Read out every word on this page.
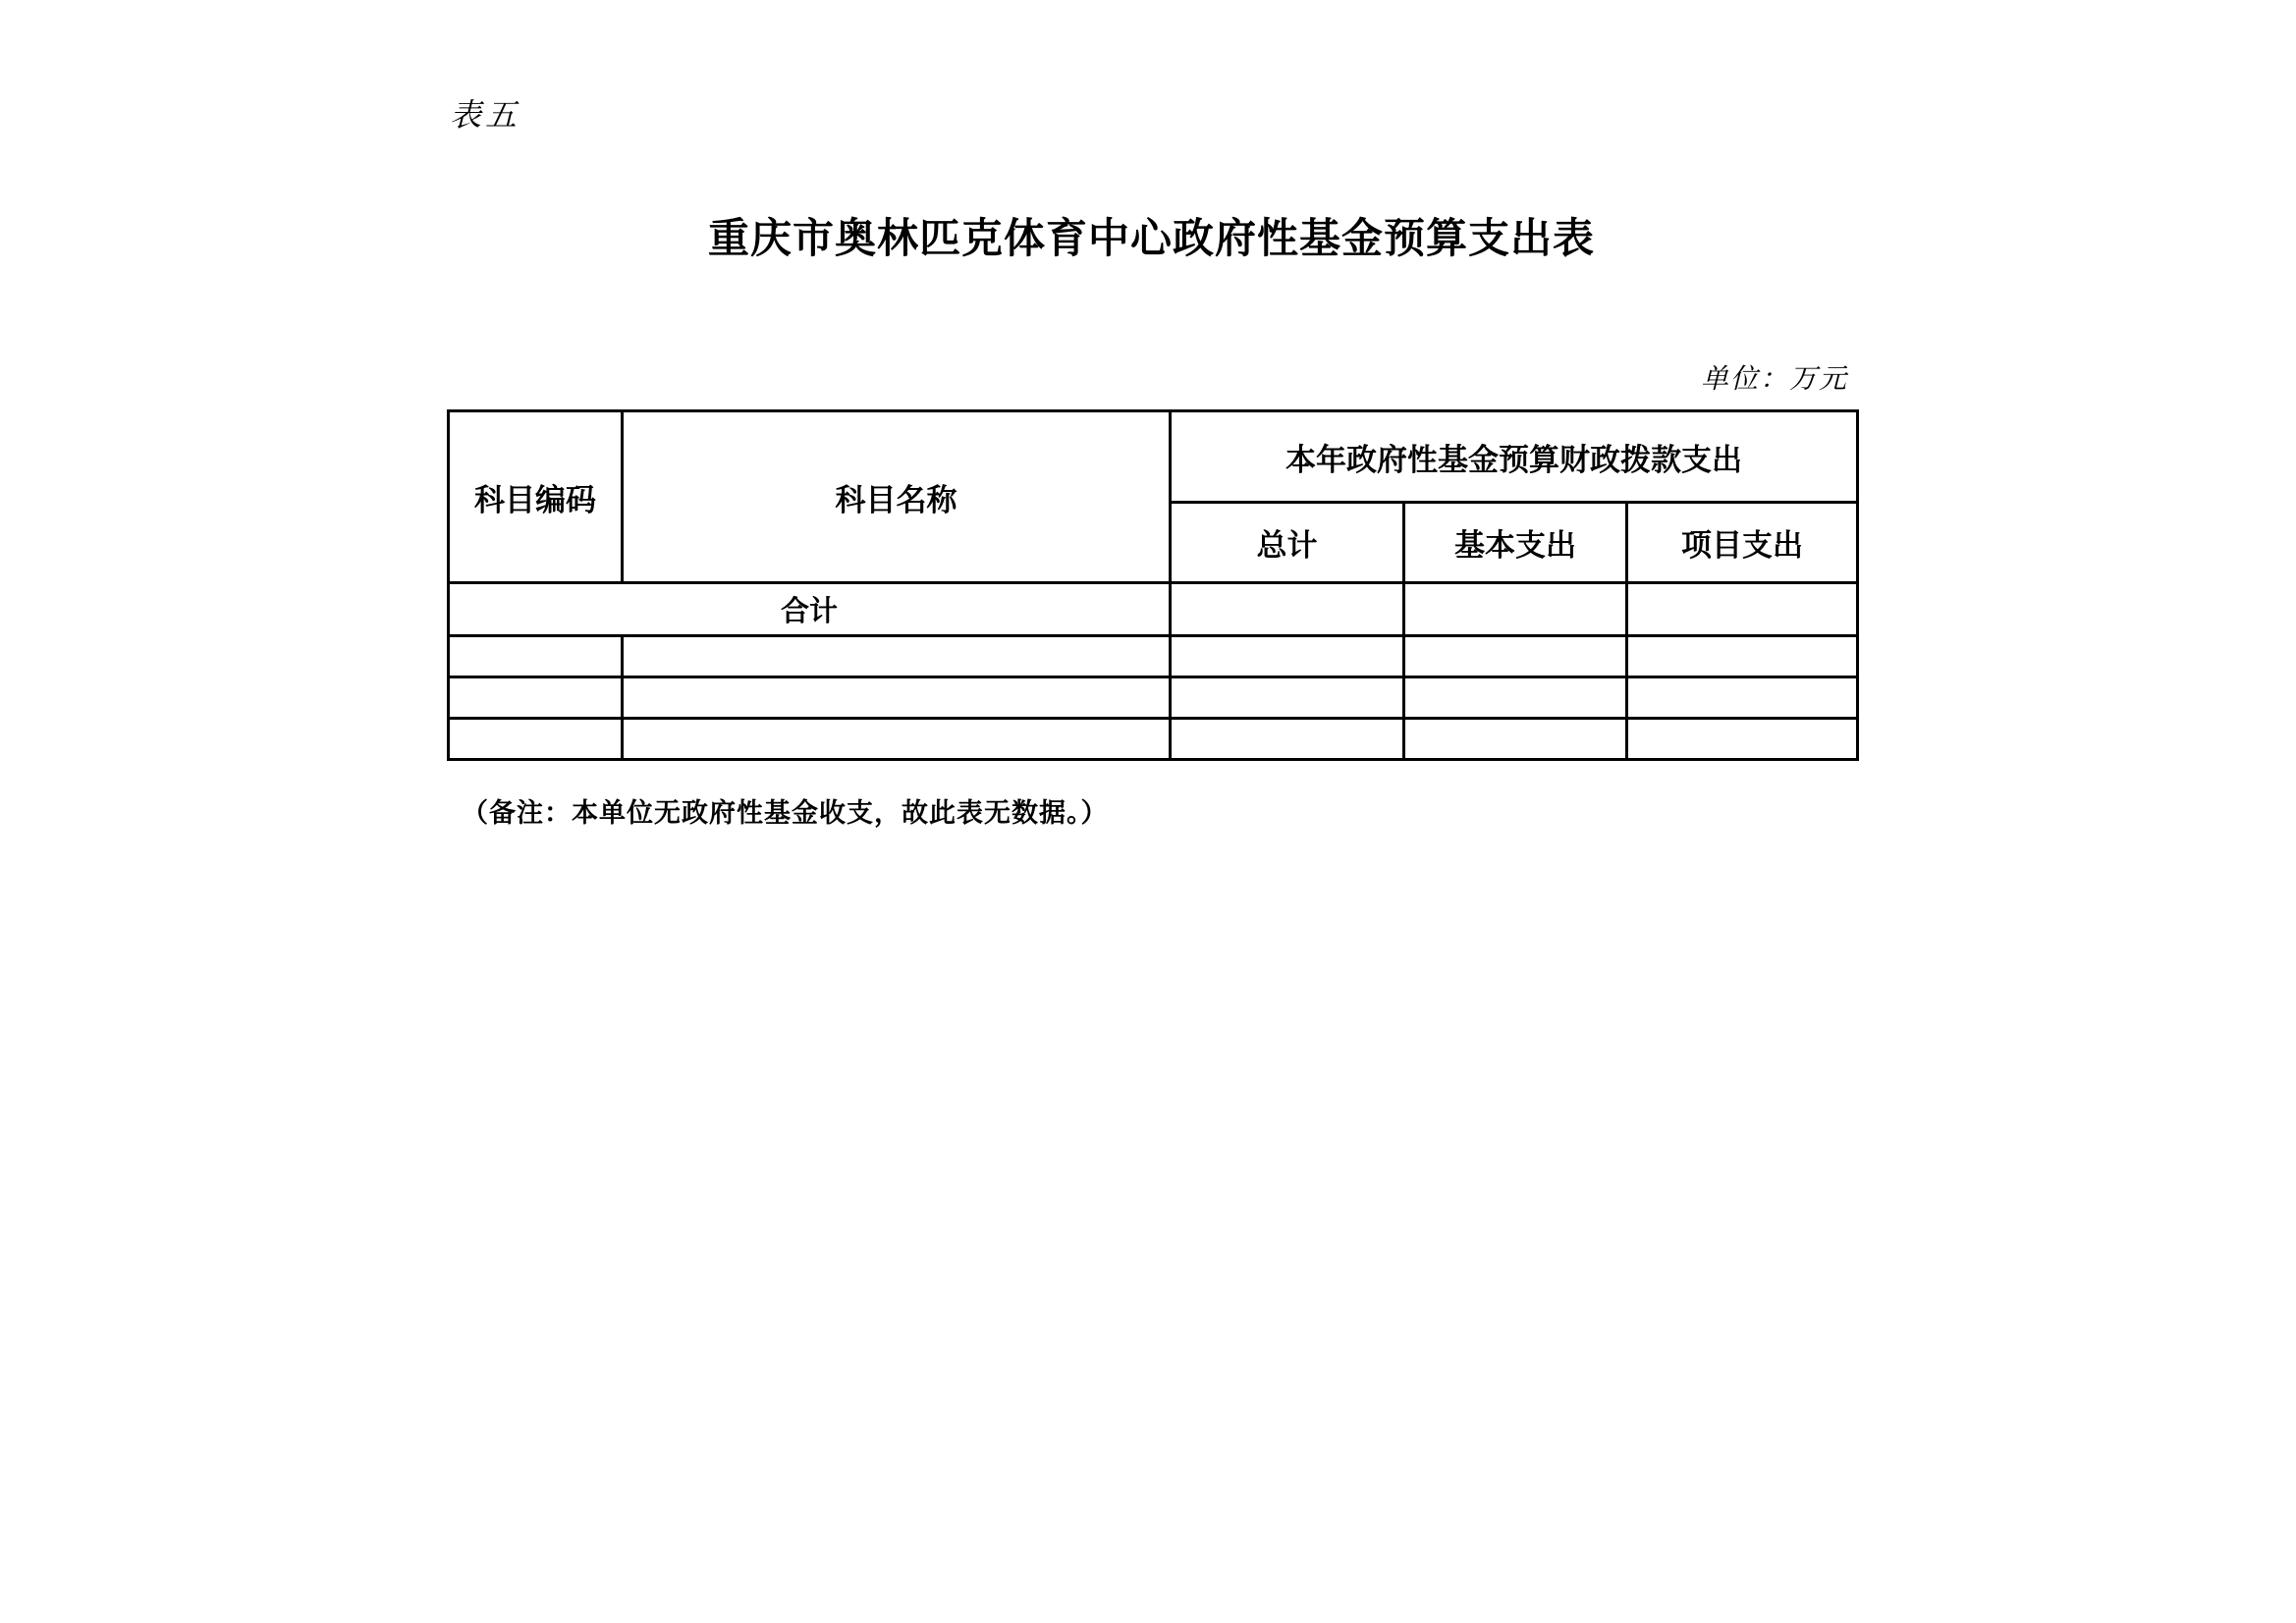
表五
重庆市奥林匹克体育中心政府性基金预算支出表
单位：万元
科目编码	科目名称	本年政府性基金预算财政拨款支出		
		总计	基本支出	项目支出
合计				

（备注：本单位无政府性基金收支，故此表无数据。）
